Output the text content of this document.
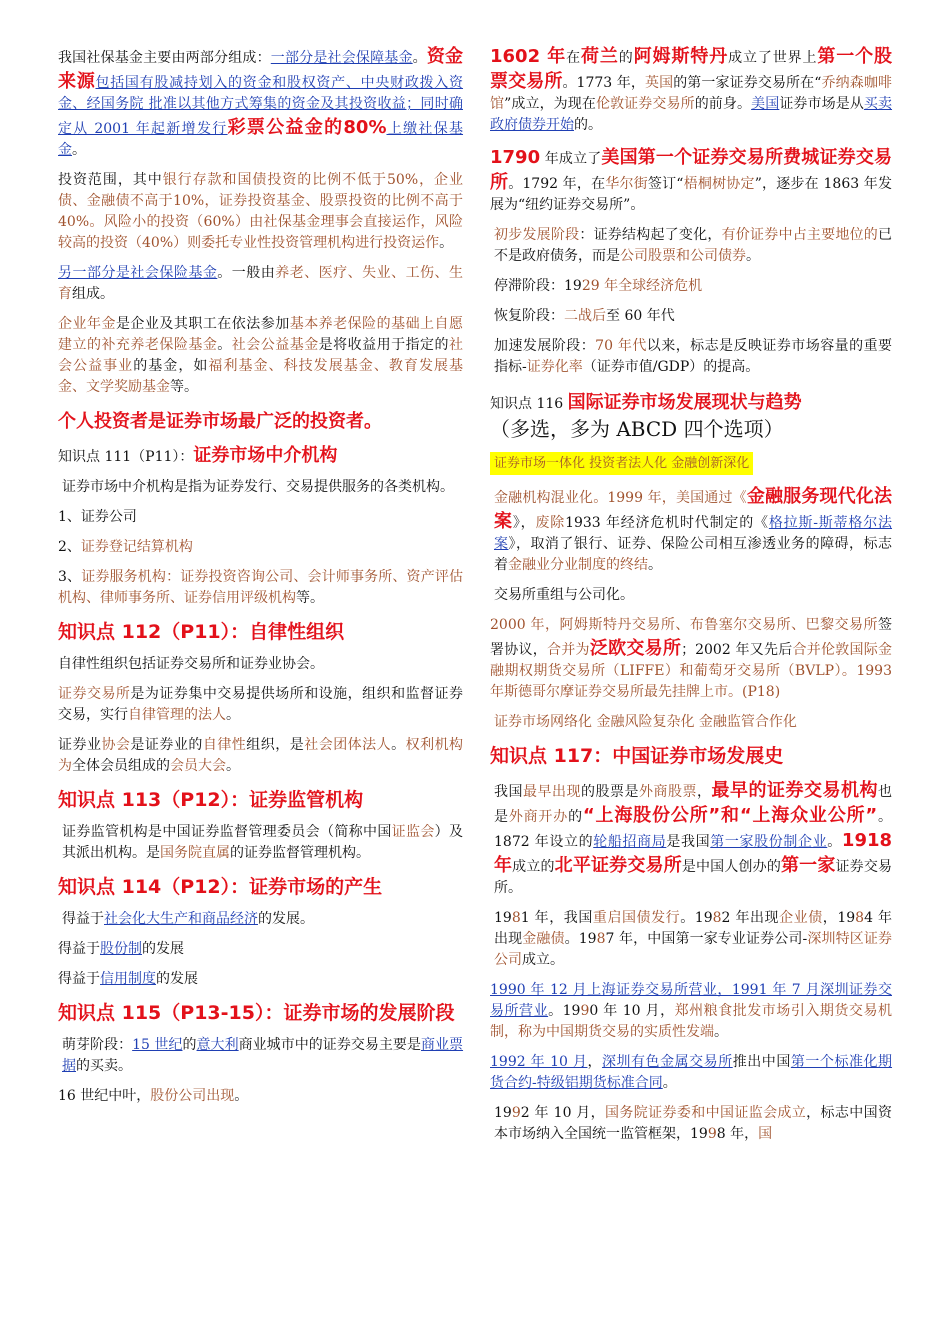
我国社保基金主要由两部分组成：一部分是社会保障基金。资金来源包括国有股减持划入的资金和股权资产、中央财政拨入资金、经国务院 批准以其他方式筹集的资金及其投资收益；同时确 定从 2001 年起新增发行彩票公益金的80%上缴社保基金。

投资范围，其中银行存款和国债投资的比例不低于50%，企业债、金融债不高于10%，证券投资基金、股票投资的比例不高于 40%。风险小的投资（60%）由社保基金理事会直接运作，风险较高的投资（40%）则委托专业性投资管理机构进行投资运作。

另一部分是社会保险基金。一般由养老、医疗、失业、工伤、生育组成。

企业年金是企业及其职工在依法参加基本养老保险的基础上自愿建立的补充养老保险基金。社会公益基金是将收益用于指定的社会公益事业的基金，如福利基金、科技发展基金、教育发展基金、文学奖励基金等。

个人投资者是证券市场最广泛的投资者。

知识点 111（P11）：证券市场中介机构

证券市场中介机构是指为证券发行、交易提供服务的各类机构。

1、证券公司

2、证券登记结算机构

3、证券服务机构：证券投资咨询公司、会计师事务所、资产评估机构、律师事务所、证券信用评级机构等。

知识点 112（P11）：自律性组织

自律性组织包括证券交易所和证券业协会。

证券交易所是为证券集中交易提供场所和设施，组织和监督证券交易，实行自律管理的法人。

证券业协会是证券业的自律性组织，是社会团体法人。权利机构为全体会员组成的会员大会。

知识点 113（P12）：证券监管机构

证券监管机构是中国证券监督管理委员会（简称中国证监会）及其派出机构。是国务院直属的证券监督管理机构。

知识点 114（P12）：证券市场的产生

得益于社会化大生产和商品经济的发展。

得益于股份制的发展

得益于信用制度的发展

知识点 115（P13-15）：证券市场的发展阶段

萌芽阶段：15 世纪的意大利商业城市中的证券交易主要是商业票据的买卖。

16 世纪中叶，股份公司出现。

1602 年在荷兰的阿姆斯特丹成立了世界上第一个股票交易所。1773 年，英国的第一家证券交易所在“乔纳森咖啡馆”成立，为现在伦敦证券交易所的前身。美国证券市场是从买卖政府债券开始的。

1790 年成立了美国第一个证券交易所费城证券交易所。1792 年，在华尔街签订“梧桐树协定”，逐步在 1863 年发展为“纽约证券交易所”。

初步发展阶段：证券结构起了变化，有价证券中占主要地位的已不是政府债务，而是公司股票和公司债券。

停滞阶段：1929 年全球经济危机

恢复阶段：二战后至 60 年代

加速发展阶段：70 年代以来，标志是反映证券市场容量的重要指标-证券化率（证券市值/GDP）的提高。

知识点 116 国际证券市场发展现状与趋势
（多选，多为 ABCD 四个选项）

证券市场一体化 投资者法人化 金融创新深化

金融机构混业化。1999 年，美国通过《金融服务现代化法案》，废除1933 年经济危机时代制定的《格拉斯-斯蒂格尔法案》，取消了银行、证券、保险公司相互渗透业务的障碍，标志着金融业分业制度的终结。

交易所重组与公司化。

2000 年，阿姆斯特丹交易所、布鲁塞尔交易所、巴黎交易所签署协议，合并为泛欧交易所；2002 年又先后合并伦敦国际金融期权期货交易所（LIFFE）和葡萄牙交易所（BVLP）。1993 年斯德哥尔摩证券交易所最先挂牌上市。(P18)

证券市场网络化 金融风险复杂化 金融监管合作化

知识点 117：中国证券市场发展史

我国最早出现的股票是外商股票，最早的证券交易机构也是外商开办的“上海股份公所”和“上海众业公所”。1872 年设立的轮船招商局是我国第一家股份制企业。1918 年成立的北平证券交易所是中国人创办的第一家证券交易所。

1981 年，我国重启国债发行。1982 年出现企业债，1984 年出现金融债。1987 年，中国第一家专业证券公司-深圳特区证券公司成立。

1990 年 12 月上海证券交易所营业，1991 年 7 月深圳证券交易所营业。1990 年 10 月，郑州粮食批发市场引入期货交易机制，称为中国期货交易的实质性发端。

1992 年 10 月，深圳有色金属交易所推出中国第一个标准化期货合约-特级铝期货标准合同。

1992 年 10 月，国务院证券委和中国证监会成立，标志中国资本市场纳入全国统一监管框架，1998 年，国
